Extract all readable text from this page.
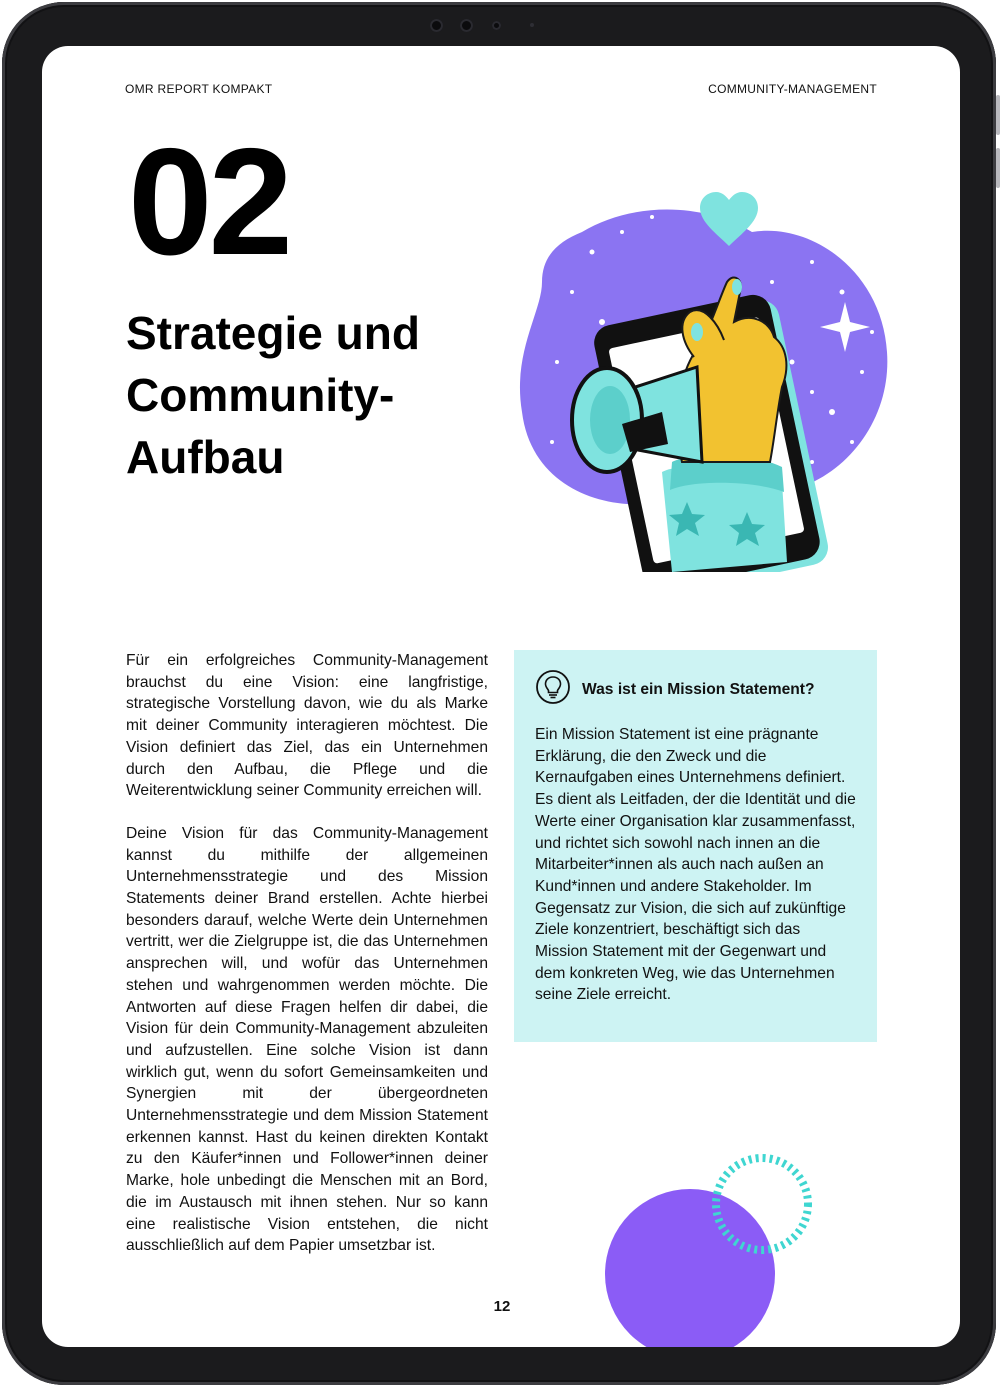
OMR REPORT KOMPAKT	COMMUNITY-MANAGEMENT
02
Strategie und
Community-
Aufbau

Für ein erfolgreiches Community-Management brauchst du eine Vision: eine langfristige, strategische Vorstellung davon, wie du als Marke mit deiner Community interagieren möchtest. Die Vision definiert das Ziel, das ein Unternehmen durch den Aufbau, die Pflege und die Weiterentwicklung seiner Community erreichen will.

Deine Vision für das Community-Management kannst du mithilfe der allgemeinen Unternehmensstrategie und des Mission Statements deiner Brand erstellen. Achte hierbei besonders darauf, welche Werte dein Unternehmen vertritt, wer die Zielgruppe ist, die das Unternehmen ansprechen will, und wofür das Unternehmen stehen und wahrgenommen werden möchte. Die Antworten auf diese Fragen helfen dir dabei, die Vision für dein Community-Management abzuleiten und aufzustellen. Eine solche Vision ist dann wirklich gut, wenn du sofort Gemeinsamkeiten und Synergien mit der übergeordneten Unternehmensstrategie und dem Mission Statement erkennen kannst. Hast du keinen direkten Kontakt zu den Käufer*innen und Follower*innen deiner Marke, hole unbedingt die Menschen mit an Bord, die im Austausch mit ihnen stehen. Nur so kann eine realistische Vision entstehen, die nicht ausschließlich auf dem Papier umsetzbar ist.

Was ist ein Mission Statement?
Ein Mission Statement ist eine prägnante Erklärung, die den Zweck und die Kernaufgaben eines Unternehmens definiert. Es dient als Leitfaden, der die Identität und die Werte einer Organisation klar zusammenfasst, und richtet sich sowohl nach innen an die Mitarbeiter*innen als auch nach außen an Kund*innen und andere Stakeholder. Im Gegensatz zur Vision, die sich auf zukünftige Ziele konzentriert, beschäftigt sich das Mission Statement mit der Gegenwart und dem konkreten Weg, wie das Unternehmen seine Ziele erreicht.
12
